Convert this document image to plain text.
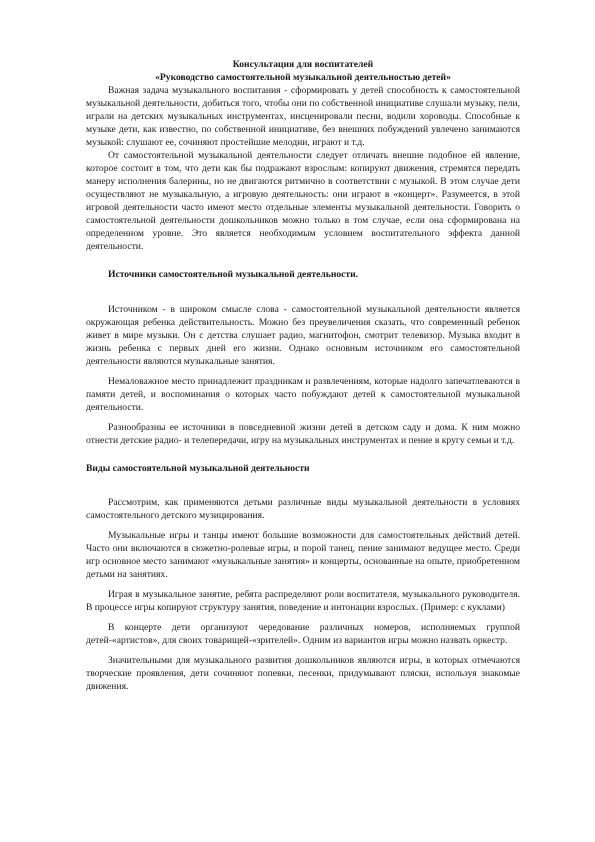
Консультация для воспитателей

«Руководство самостоятельной музыкальной деятельностью детей»

Важная задача музыкального воспитания - сформировать у детей способность к самостоятельной музыкальной деятельности, добиться того, чтобы они по собственной инициативе слушали музыку, пели, играли на детских музыкальных инструментах, инсценировали песни, водили хороводы. Способные к музыке дети, как известно, по собственной инициативе, без внешних побуждений увлечено занимаются музыкой: слушают ее, сочиняют простейшие мелодии, играют и т.д.

От самостоятельной музыкальной деятельности следует отличать внешне подобное ей явление, которое состоит в том, что дети как бы подражают взрослым: копируют движения, стремятся передать манеру исполнения балерины, но не двигаются ритмично в соответствии с музыкой. В этом случае дети осуществляют не музыкальную, а игровую деятельность: они играют в «концерт». Разумеется, в этой игровой деятельности часто имеют место отдельные элементы музыкальной деятельности. Говорить о самостоятельной деятельности дошкольников можно только в том случае, если она сформирована на определенном уровне. Это является необходимым условием воспитательного эффекта данной деятельности.

Источники самостоятельной музыкальной деятельности.

Источником - в широком смысле слова - самостоятельной музыкальной деятельности является окружающая ребенка действительность. Можно без преувеличения сказать, что современный ребенок живет в мире музыки. Он с детства слушает радио, магнитофон, смотрит телевизор. Музыка входит в жизнь ребенка с первых дней его жизни. Однако основным источником его самостоятельной деятельности являются музыкальные занятия.

Немаловажное место принадлежит праздникам и развлечениям, которые надолго запечатлеваются в памяти детей, и воспоминания о которых часто побуждают детей к самостоятельной музыкальной деятельности.

Разнообразны ее источники в повседневной жизни детей в детском саду и дома. К ним можно отнести детские радио- и телепередачи, игру на музыкальных инструментах и пение в кругу семьи и т.д.

Виды самостоятельной музыкальной деятельности

Рассмотрим, как применяются детьми различные виды музыкальной деятельности в условиях самостоятельного детского музицирования.

Музыкальные игры и танцы имеют большие возможности для самостоятельных действий детей. Часто они включаются в сюжетно-ролевые игры, и порой танец, пение занимают ведущее место. Среди игр основное место занимают «музыкальные занятия» и концерты, основанные на опыте, приобретенном детьми на занятиях.

Играя в музыкальное занятие, ребята распределяют роли воспитателя, музыкального руководителя. В процессе игры копируют структуру занятия, поведение и интонации взрослых. (Пример: с куклами)

В концерте дети организуют чередование различных номеров, исполняемых группой детей-«артистов», для своих товарищей-«зрителей». Одним из вариантов игры можно назвать оркестр.

Значительными для музыкального развития дошкольников являются игры, в которых отмечаются творческие проявления, дети сочиняют попевки, песенки, придумывают пляски, используя знакомые движения.
